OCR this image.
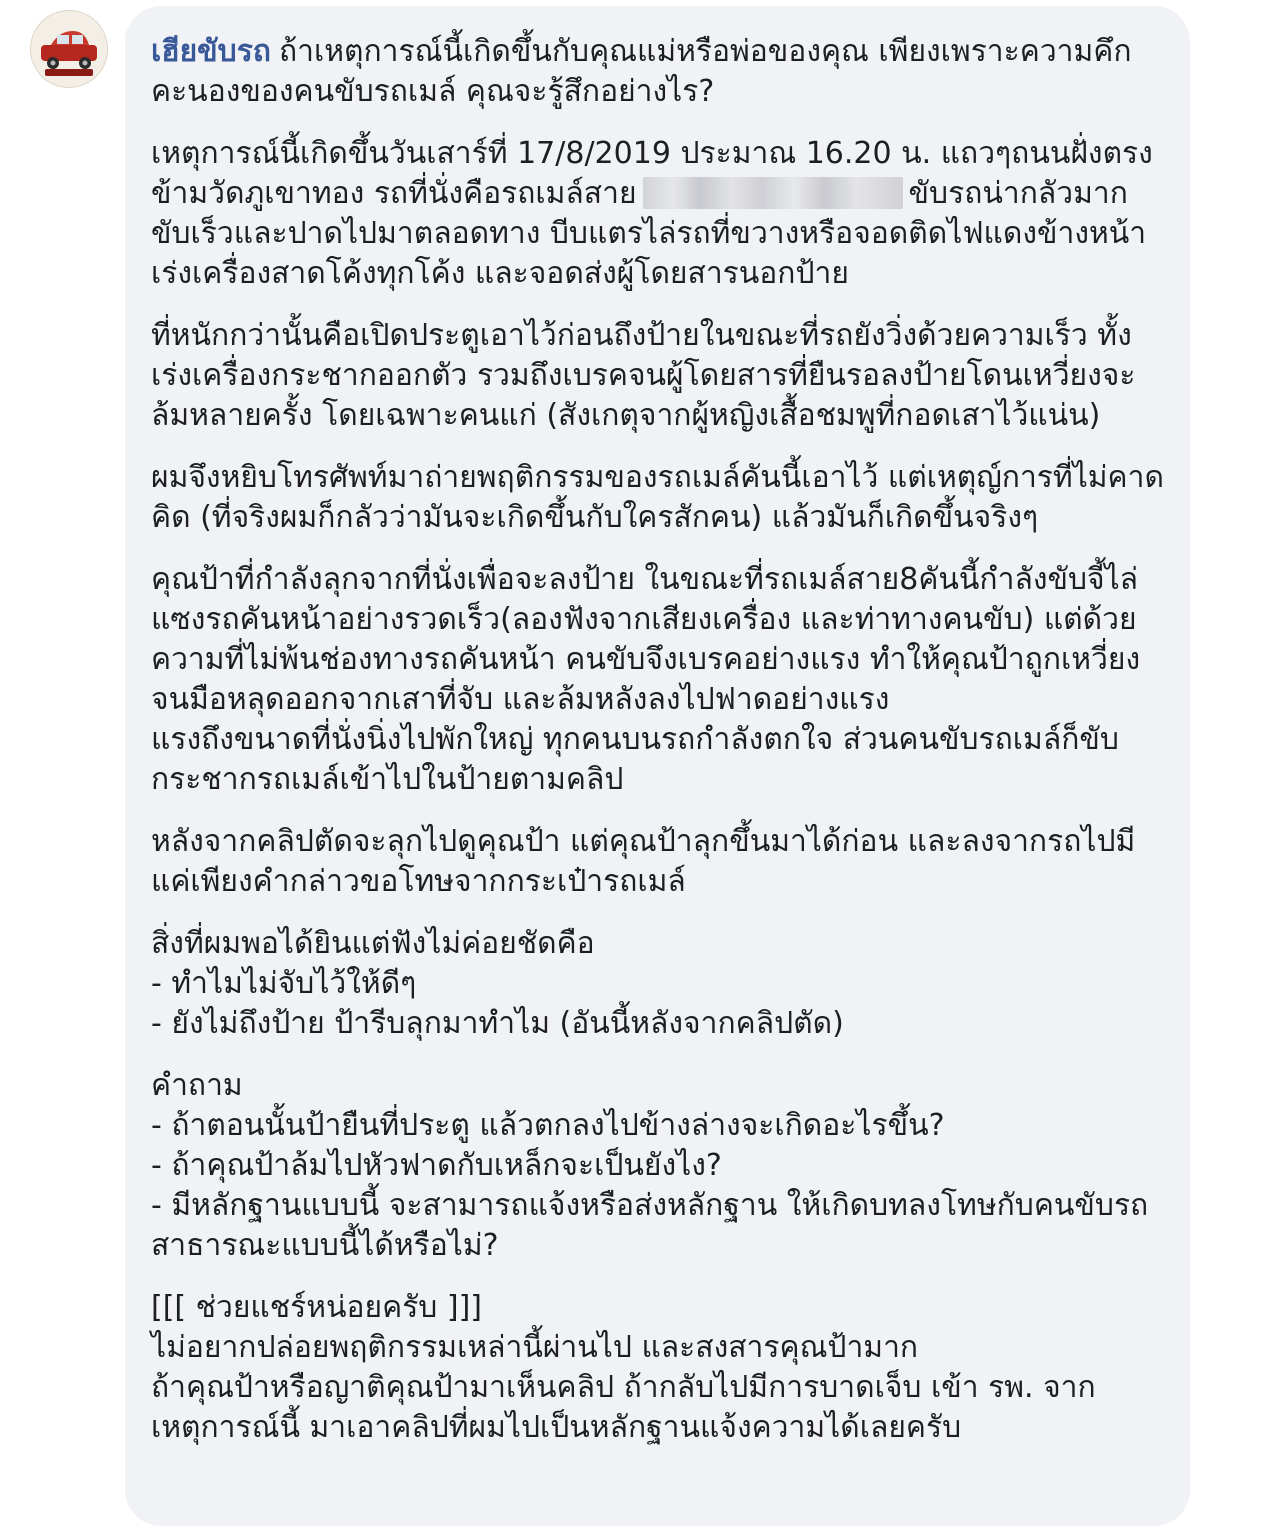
เฮียขับรถ ถ้าเหตุการณ์นี้เกิดขึ้นกับคุณแม่หรือพ่อของคุณ เพียงเพราะความคึกคะนองของคนขับรถเมล์ คุณจะรู้สึกอย่างไร?

เหตุการณ์นี้เกิดขึ้นวันเสาร์ที่ 17/8/2019 ประมาณ 16.20 น. แถวๆถนนฝั่งตรงข้ามวัดภูเขาทอง รถที่นั่งคือรถเมล์สาย	ขับรถน่ากลัวมาก ขับเร็วและปาดไปมาตลอดทาง บีบแตรไล่รถที่ขวางหรือจอดติดไฟแดงข้างหน้า เร่งเครื่องสาดโค้งทุกโค้ง และจอดส่งผู้โดยสารนอกป้าย

ที่หนักกว่านั้นคือเปิดประตูเอาไว้ก่อนถึงป้ายในขณะที่รถยังวิ่งด้วยความเร็ว ทั้งเร่งเครื่องกระชากออกตัว รวมถึงเบรคจนผู้โดยสารที่ยืนรอลงป้ายโดนเหวี่ยงจะล้มหลายครั้ง โดยเฉพาะคนแก่ (สังเกตุจากผู้หญิงเสื้อชมพูที่กอดเสาไว้แน่น)

ผมจึงหยิบโทรศัพท์มาถ่ายพฤติกรรมของรถเมล์คันนี้เอาไว้ แต่เหตุญ์การที่ไม่คาดคิด (ที่จริงผมก็กลัวว่ามันจะเกิดขึ้นกับใครสักคน) แล้วมันก็เกิดขึ้นจริงๆ

คุณป้าที่กำลังลุกจากที่นั่งเพื่อจะลงป้าย ในขณะที่รถเมล์สาย8คันนี้กำลังขับจี้ไล่แซงรถคันหน้าอย่างรวดเร็ว(ลองฟังจากเสียงเครื่อง และท่าทางคนขับ) แต่ด้วยความที่ไม่พ้นช่องทางรถคันหน้า คนขับจึงเบรคอย่างแรง ทำให้คุณป้าถูกเหวี่ยงจนมือหลุดออกจากเสาที่จับ และล้มหลังลงไปฟาดอย่างแรง
แรงถึงขนาดที่นั่งนิ่งไปพักใหญ่ ทุกคนบนรถกำลังตกใจ ส่วนคนขับรถเมล์ก็ขับกระชากรถเมล์เข้าไปในป้ายตามคลิป

หลังจากคลิปตัดจะลุกไปดูคุณป้า แต่คุณป้าลุกขึ้นมาได้ก่อน และลงจากรถไปมีแค่เพียงคำกล่าวขอโทษจากกระเป๋ารถเมล์

สิ่งที่ผมพอได้ยินแต่ฟังไม่ค่อยชัดคือ
- ทำไมไม่จับไว้ให้ดีๆ
- ยังไม่ถึงป้าย ป้ารีบลุกมาทำไม (อันนี้หลังจากคลิปตัด)

คำถาม
- ถ้าตอนนั้นป้ายืนที่ประตู แล้วตกลงไปข้างล่างจะเกิดอะไรขึ้น?
- ถ้าคุณป้าล้มไปหัวฟาดกับเหล็กจะเป็นยังไง?
- มีหลักฐานแบบนี้ จะสามารถแจ้งหรือส่งหลักฐาน ให้เกิดบทลงโทษกับคนขับรถสาธารณะแบบนี้ได้หรือไม่?

[[[ ช่วยแชร์หน่อยครับ ]]]
ไม่อยากปล่อยพฤติกรรมเหล่านี้ผ่านไป และสงสารคุณป้ามาก
ถ้าคุณป้าหรือญาติคุณป้ามาเห็นคลิป ถ้ากลับไปมีการบาดเจ็บ เข้า รพ. จากเหตุการณ์นี้ มาเอาคลิปที่ผมไปเป็นหลักฐานแจ้งความได้เลยครับ
